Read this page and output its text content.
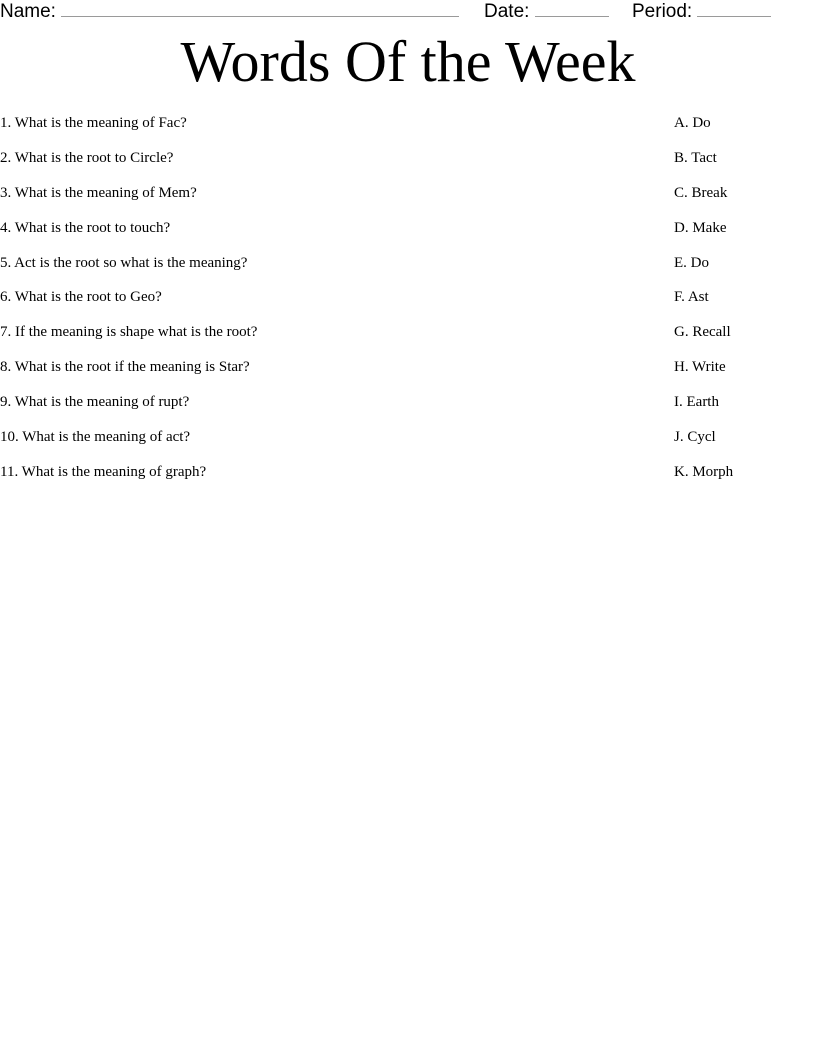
Name:	Date:	Period:
Words Of the Week
1. What is the meaning of Fac?
2. What is the root to Circle?
3. What is the meaning of Mem?
4. What is the root to touch?
5. Act is the root so what is the meaning?
6. What is the root to Geo?
7. If the meaning is shape what is the root?
8. What is the root if the meaning is Star?
9. What is the meaning of rupt?
10. What is the meaning of act?
11. What is the meaning of graph?
A. Do
B. Tact
C. Break
D. Make
E. Do
F. Ast
G. Recall
H. Write
I. Earth
J. Cycl
K. Morph
